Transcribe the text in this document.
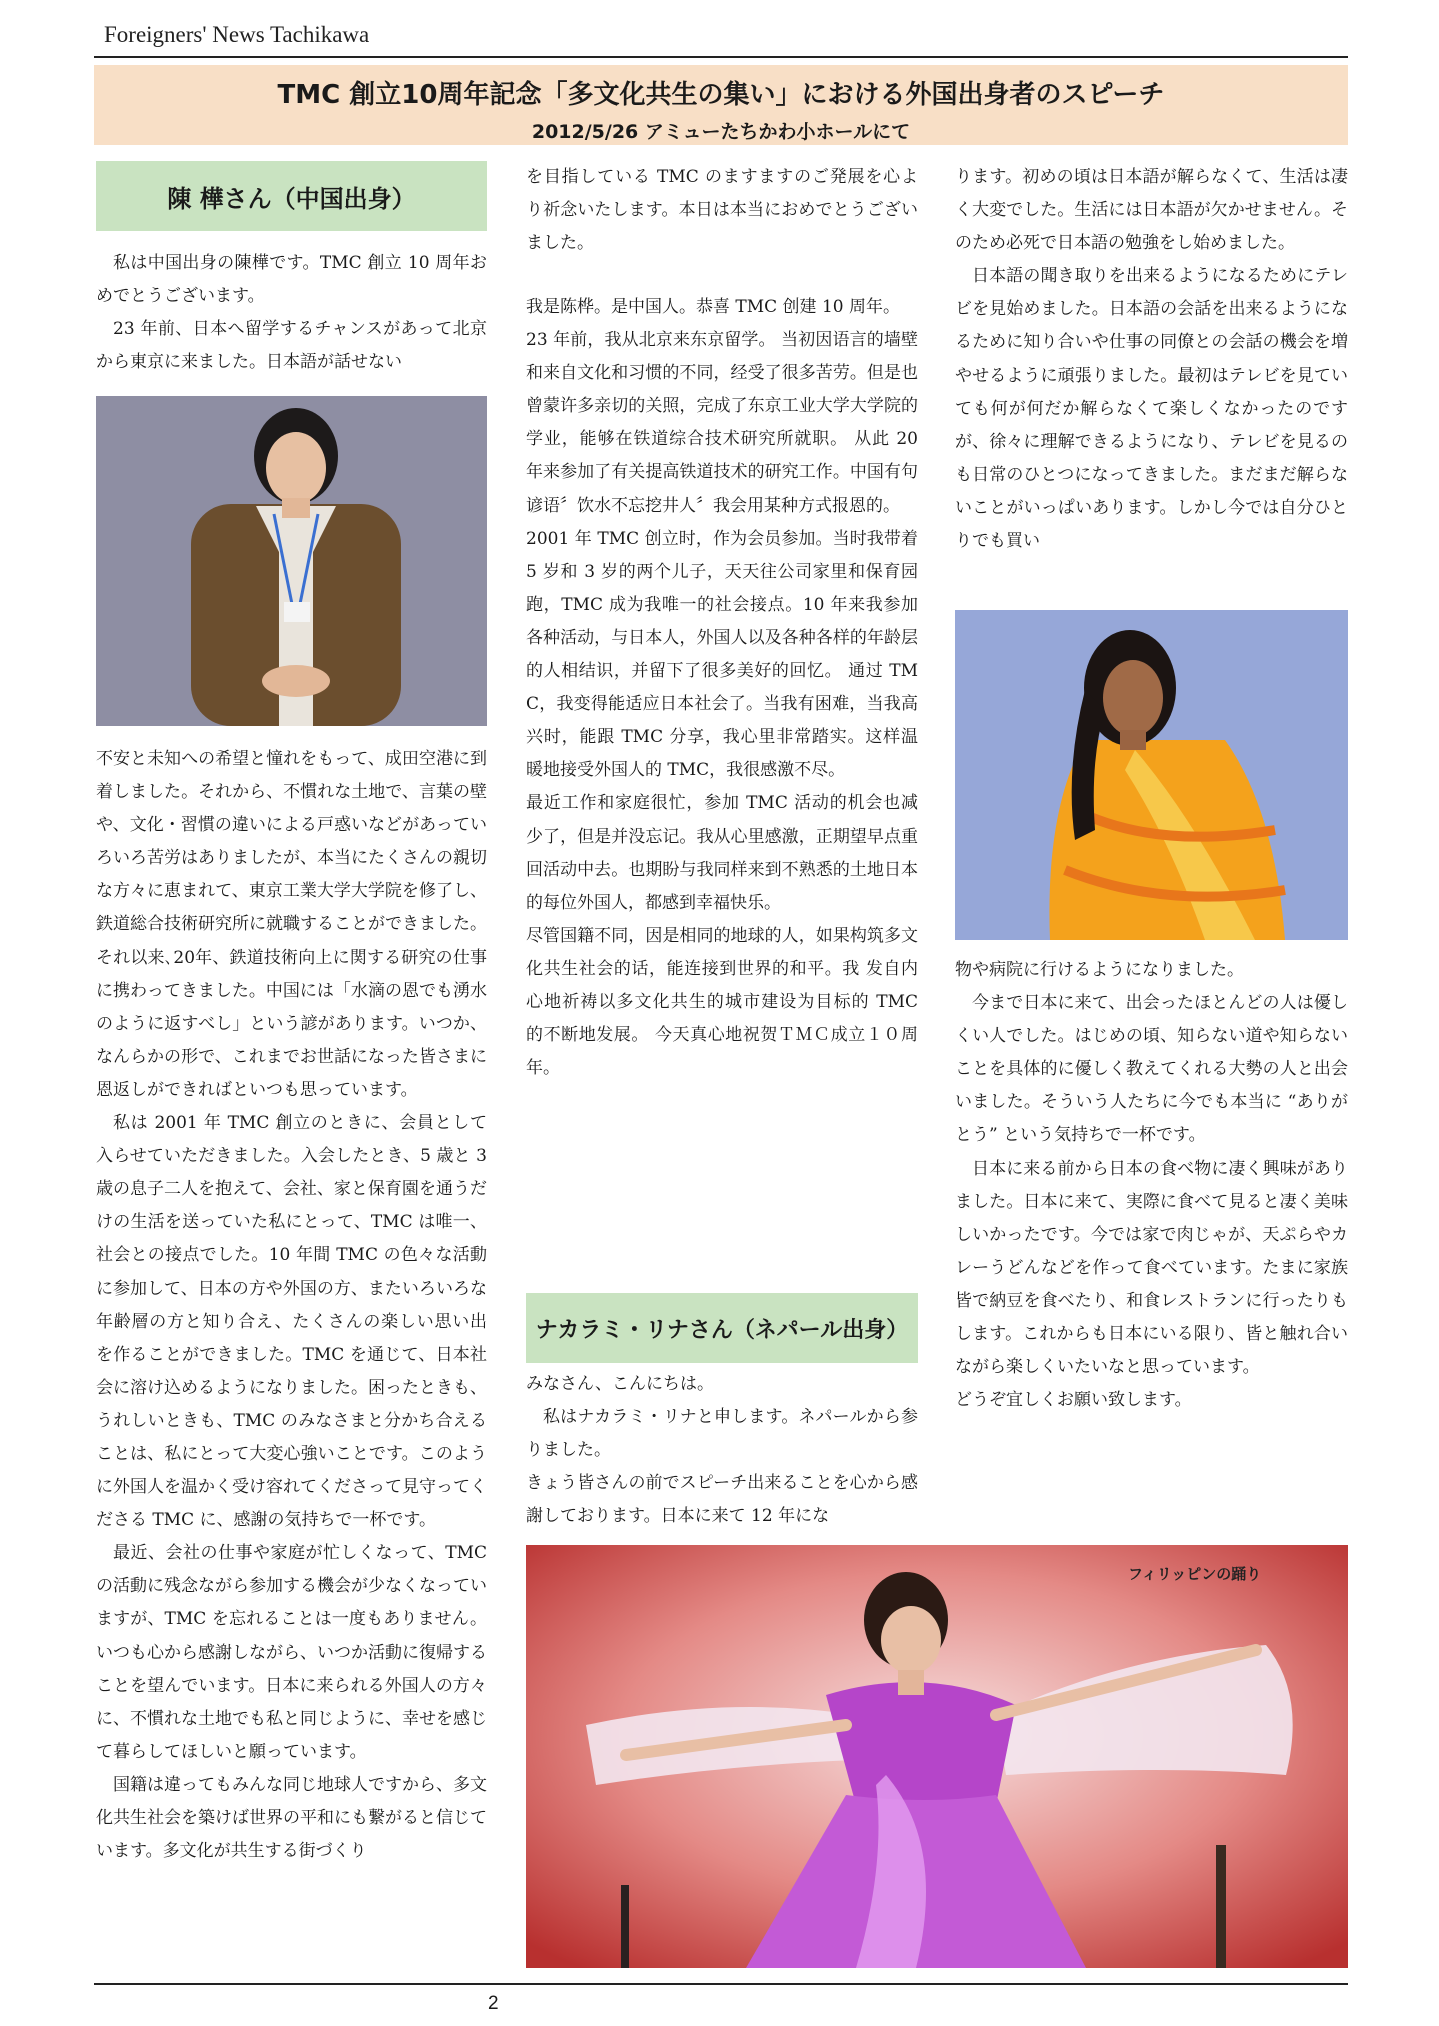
Foreigners' News Tachikawa
TMC 創立10周年記念「多文化共生の集い」における外国出身者のスピーチ
2012/5/26 アミューたちかわ小ホールにて
陳 樺さん（中国出身）

私は中国出身の陳樺です。TMC 創立 10 周年おめでとうございます。

23 年前、日本へ留学するチャンスがあって北京から東京に来ました。日本語が話せない

不安と未知への希望と憧れをもって、成田空港に到着しました。それから、不慣れな土地で、言葉の壁や、文化・習慣の違いによる戸惑いなどがあっていろいろ苦労はありましたが、本当にたくさんの親切な方々に恵まれて、東京工業大学大学院を修了し、鉄道総合技術研究所に就職することができました。それ以来､20年、鉄道技術向上に関する研究の仕事に携わってきました。中国には「水滴の恩でも湧水のように返すべし」という諺があります。いつか、なんらかの形で、これまでお世話になった皆さまに恩返しができればといつも思っています。

私は 2001 年 TMC 創立のときに、会員として入らせていただきました。入会したとき、5 歳と 3 歳の息子二人を抱えて、会社、家と保育園を通うだけの生活を送っていた私にとって、TMC は唯一、社会との接点でした。10 年間 TMC の色々な活動に参加して、日本の方や外国の方、またいろいろな年齢層の方と知り合え、たくさんの楽しい思い出を作ることができました。TMC を通じて、日本社会に溶け込めるようになりました。困ったときも、うれしいときも、TMC のみなさまと分かち合えることは、私にとって大変心強いことです。このように外国人を温かく受け容れてくださって見守ってくださる TMC に、感謝の気持ちで一杯です。

最近、会社の仕事や家庭が忙しくなって、TMC の活動に残念ながら参加する機会が少なくなっていますが、TMC を忘れることは一度もありません。いつも心から感謝しながら、いつか活動に復帰することを望んでいます。日本に来られる外国人の方々に、不慣れな土地でも私と同じように、幸せを感じて暮らしてほしいと願っています。

国籍は違ってもみんな同じ地球人ですから、多文化共生社会を築けば世界の平和にも繋がると信じています。多文化が共生する街づくり

を目指している TMC のますますのご発展を心より祈念いたします。本日は本当におめでとうございました。

我是陈桦。是中国人。恭喜 TMC 创建 10 周年。

23 年前，我从北京来东京留学。 当初因语言的墙壁和来自文化和习惯的不同，经受了很多苦劳。但是也曾蒙许多亲切的关照，完成了东京工业大学大学院的学业，能够在铁道综合技术研究所就职。 从此 20 年来参加了有关提高铁道技术的研究工作。中国有句谚语〞饮水不忘挖井人〞我会用某种方式报恩的。

2001 年 TMC 创立时，作为会员参加。当时我带着 5 岁和 3 岁的两个儿子，天天往公司家里和保育园跑，TMC 成为我唯一的社会接点。10 年来我参加各种活动，与日本人，外国人以及各种各样的年龄层的人相结识，并留下了很多美好的回忆。 通过 TMC，我变得能适应日本社会了。当我有困难，当我高兴时，能跟 TMC 分享，我心里非常踏实。这样温暖地接受外国人的 TMC，我很感激不尽。

最近工作和家庭很忙，参加 TMC 活动的机会也减少了，但是并没忘记。我从心里感激，正期望早点重回活动中去。也期盼与我同样来到不熟悉的土地日本的每位外国人，都感到幸福快乐。

尽管国籍不同，因是相同的地球的人，如果构筑多文化共生社会的话，能连接到世界的和平。我 发自内心地祈祷以多文化共生的城市建设为目标的 TMC 的不断地发展。 今天真心地祝贺ＴＭＣ成立１０周年。

ナカラミ・リナさん（ネパール出身）

みなさん、こんにちは。

私はナカラミ・リナと申します。ネパールから参りました。

きょう皆さんの前でスピーチ出来ることを心から感謝しております。日本に来て 12 年にな

ります。初めの頃は日本語が解らなくて、生活は凄く大変でした。生活には日本語が欠かせません。そのため必死で日本語の勉強をし始めました。

日本語の聞き取りを出来るようになるためにテレビを見始めました。日本語の会話を出来るようになるために知り合いや仕事の同僚との会話の機会を増やせるように頑張りました。最初はテレビを見ていても何が何だか解らなくて楽しくなかったのですが、徐々に理解できるようになり、テレビを見るのも日常のひとつになってきました。まだまだ解らないことがいっぱいあります。しかし今では自分ひとりでも買い

物や病院に行けるようになりました。

今まで日本に来て、出会ったほとんどの人は優しくい人でした。はじめの頃、知らない道や知らないことを具体的に優しく教えてくれる大勢の人と出会いました。そういう人たちに今でも本当に “ありがとう” という気持ちで一杯です。

日本に来る前から日本の食べ物に凄く興味がありました。日本に来て、実際に食べて見ると凄く美味しいかったです。今では家で肉じゃが、天ぷらやカレーうどんなどを作って食べています。たまに家族皆で納豆を食べたり、和食レストランに行ったりもします。これからも日本にいる限り、皆と触れ合いながら楽しくいたいなと思っています。

どうぞ宜しくお願い致します。

フィリッピンの踊り
2
